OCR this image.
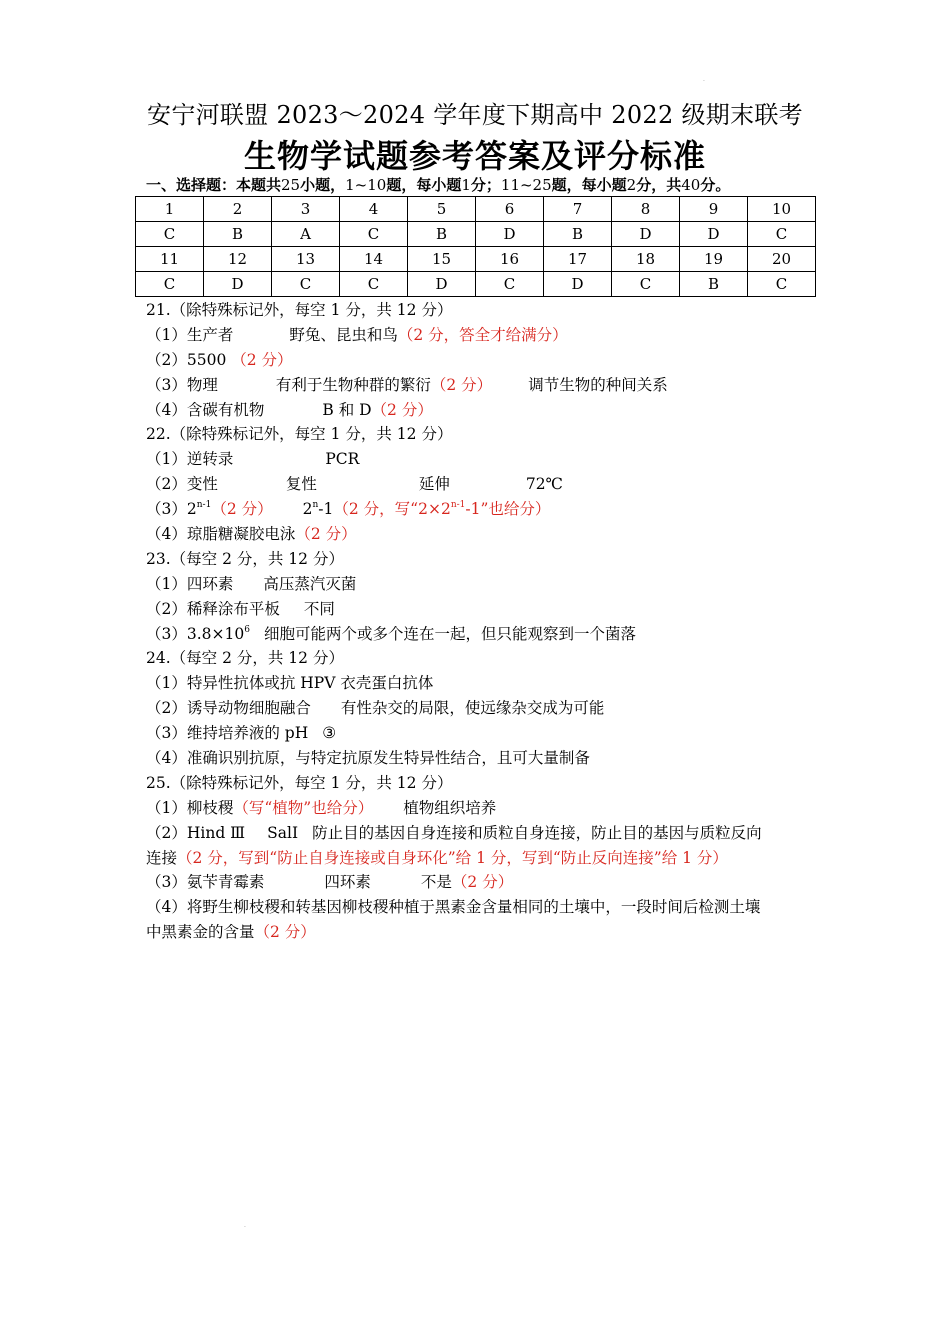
.
.
安宁河联盟 2023～2024 学年度下期高中 2022 级期末联考
生物学试题参考答案及评分标准
一、选择题：本题共25小题，1~10题，每小题1分；11~25题，每小题2分，共40分。
1	2	3	4	5	6	7	8	9	10
C	B	A	C	B	D	B	D	D	C
11	12	13	14	15	16	17	18	19	20
C	D	C	C	D	C	D	C	B	C
21.（除特殊标记外，每空 1 分，共 12 分）
（1）生产者	野兔、昆虫和鸟（2 分，答全才给满分）
（2）5500 （2 分）
（3）物理	有利于生物种群的繁衍（2 分） 调节生物的种间关系
（4）含碳有机物	B 和 D（2 分）
22.（除特殊标记外，每空 1 分，共 12 分）
（1）逆转录	PCR
（2）变性	复性	延伸	72℃
（3）2$^{n-1}$（2 分） 2$^n$-1（2 分，写“$2\times 2^{n-1}-1$”也给分）
（4）琼脂糖凝胶电泳（2 分）
23.（每空 2 分，共 12 分）
（1）四环素 高压蒸汽灭菌
（2）稀释涂布平板 不同
$(3)3.8\times 10^6$ 细胞可能两个或多个连在一起，但只能观察到一个菌落
24.（每空 2 分，共 12 分）
（1）特异性抗体或抗 HPV 衣壳蛋白抗体
（2）诱导动物细胞融合 有性杂交的局限，使远缘杂交成为可能
（3）维持培养液的 pH ③
（4）准确识别抗原，与特定抗原发生特异性结合，且可大量制备
25.（除特殊标记外，每空 1 分，共 12 分）
（1）柳枝稷（写“植物”也给分） 植物组织培养
（2）Hind Ⅲ SalⅠ 防止目的基因自身连接和质粒自身连接，防止目的基因与质粒反向
连接（2 分，写到“防止自身连接或自身环化”给 1 分，写到“防止反向连接”给 1 分）
（3）氨苄青霉素	四环素	不是（2 分）
（4）将野生柳枝稷和转基因柳枝稷种植于黑素金含量相同的土壤中，一段时间后检测土壤
中黑素金的含量（2 分）
